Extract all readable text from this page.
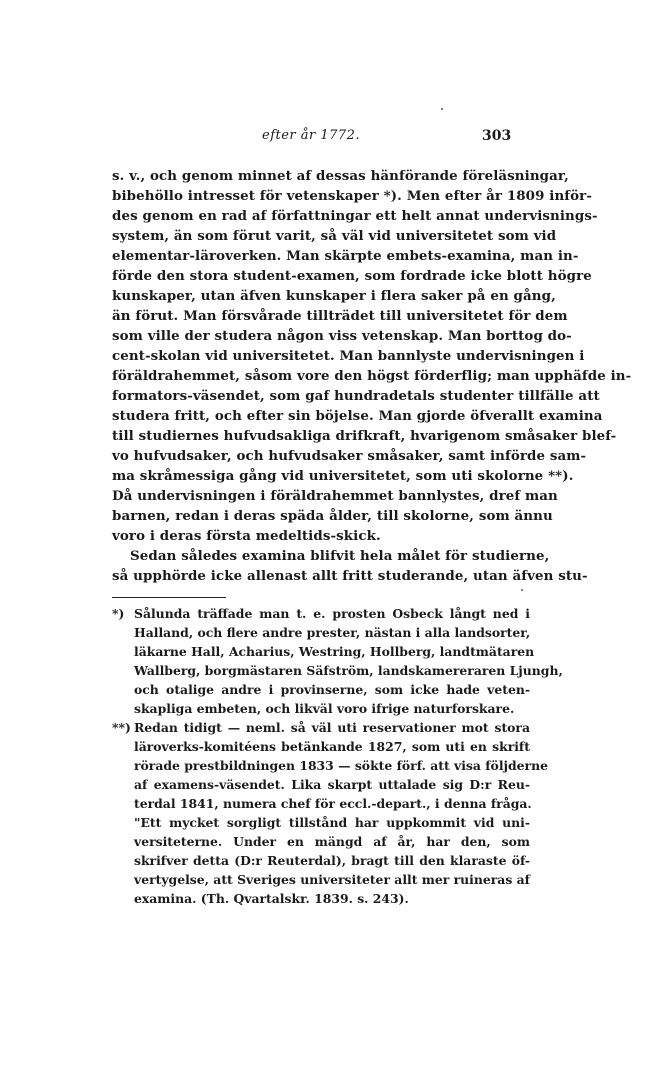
efter år 1772.	303
s. v., och genom minnet af dessas hänförande föreläsningar,
bibehöllo intresset för vetenskaper *). Men efter år 1809 inför-
des genom en rad af författningar ett helt annat undervisnings-
system, än som förut varit, så väl vid universitetet som vid
elementar-läroverken. Man skärpte embets-examina, man in-
förde den stora student-examen, som fordrade icke blott högre
kunskaper, utan äfven kunskaper i flera saker på en gång,
än förut. Man försvårade tillträdet till universitetet för dem
som ville der studera någon viss vetenskap. Man borttog do-
cent-skolan vid universitetet. Man bannlyste undervisningen i
föräldrahemmet, såsom vore den högst förderflig; man upphäfde in-
formators-väsendet, som gaf hundradetals studenter tillfälle att
studera fritt, och efter sin böjelse. Man gjorde öfverallt examina
till studiernes hufvudsakliga drifkraft, hvarigenom småsaker blef-
vo hufvudsaker, och hufvudsaker småsaker, samt införde sam-
ma skråmessiga gång vid universitetet, som uti skolorne **).
Då undervisningen i föräldrahemmet bannlystes, dref man
barnen, redan i deras späda ålder, till skolorne, som ännu
voro i deras första medeltids-skick.
Sedan således examina blifvit hela målet för studierne,
så upphörde icke allenast allt fritt studerande, utan äfven stu-
*) Sålunda träffade man t. e. prosten Osbeck långt ned i
Halland, och flere andre prester, nästan i alla landsorter,
läkarne Hall, Acharius, Westring, Hollberg, landtmätaren
Wallberg, borgmästaren Säfström, landskamereraren Ljungh,
och otalige andre i provinserne, som icke hade veten-
skapliga embeten, och likväl voro ifrige naturforskare.
**) Redan tidigt — neml. så väl uti reservationer mot stora
läroverks-komitéens betänkande 1827, som uti en skrift
rörade prestbildningen 1833 — sökte förf. att visa följderne
af examens-väsendet. Lika skarpt uttalade sig D:r Reu-
terdal 1841, numera chef för eccl.-depart., i denna fråga.
"Ett mycket sorgligt tillstånd har uppkommit vid uni-
versiteterne. Under en mängd af år, har den, som
skrifver detta (D:r Reuterdal), bragt till den klaraste öf-
vertygelse, att Sveriges universiteter allt mer ruineras af
examina. (Th. Qvartalskr. 1839. s. 243).
